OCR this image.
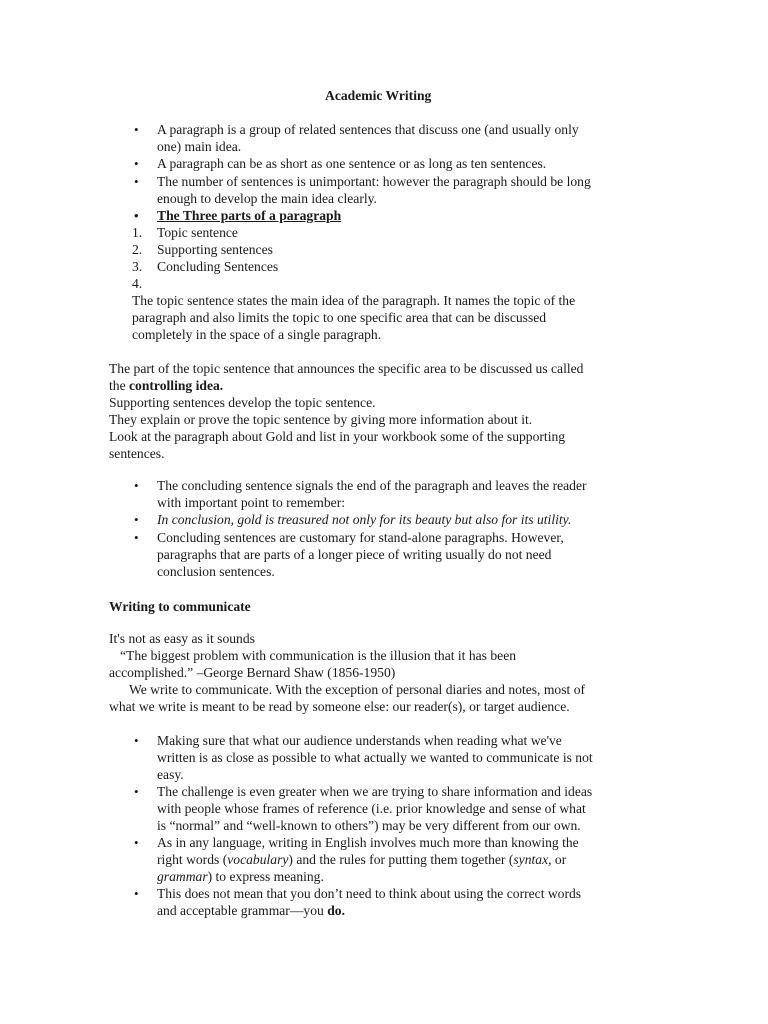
Academic Writing
• A paragraph is a group of related sentences that discuss one (and usually only
one) main idea.
• A paragraph can be as short as one sentence or as long as ten sentences.
• The number of sentences is unimportant: however the paragraph should be long
enough to develop the main idea clearly.
• The Three parts of a paragraph
1. Topic sentence
2. Supporting sentences
3. Concluding Sentences
4.
The topic sentence states the main idea of the paragraph. It names the topic of the
paragraph and also limits the topic to one specific area that can be discussed
completely in the space of a single paragraph.
The part of the topic sentence that announces the specific area to be discussed us called
the controlling idea.
Supporting sentences develop the topic sentence.
They explain or prove the topic sentence by giving more information about it.
Look at the paragraph about Gold and list in your workbook some of the supporting
sentences.
• The concluding sentence signals the end of the paragraph and leaves the reader
with important point to remember:
• In conclusion, gold is treasured not only for its beauty but also for its utility.
• Concluding sentences are customary for stand-alone paragraphs. However,
paragraphs that are parts of a longer piece of writing usually do not need
conclusion sentences.
Writing to communicate
It's not as easy as it sounds
“The biggest problem with communication is the illusion that it has been
accomplished.” –George Bernard Shaw (1856-1950)
We write to communicate. With the exception of personal diaries and notes, most of
what we write is meant to be read by someone else: our reader(s), or target audience.
• Making sure that what our audience understands when reading what we've
written is as close as possible to what actually we wanted to communicate is not
easy.
• The challenge is even greater when we are trying to share information and ideas
with people whose frames of reference (i.e. prior knowledge and sense of what
is “normal” and “well-known to others”) may be very different from our own.
• As in any language, writing in English involves much more than knowing the
right words (vocabulary) and the rules for putting them together (syntax, or
grammar) to express meaning.
• This does not mean that you don’t need to think about using the correct words
and acceptable grammar—you do.
